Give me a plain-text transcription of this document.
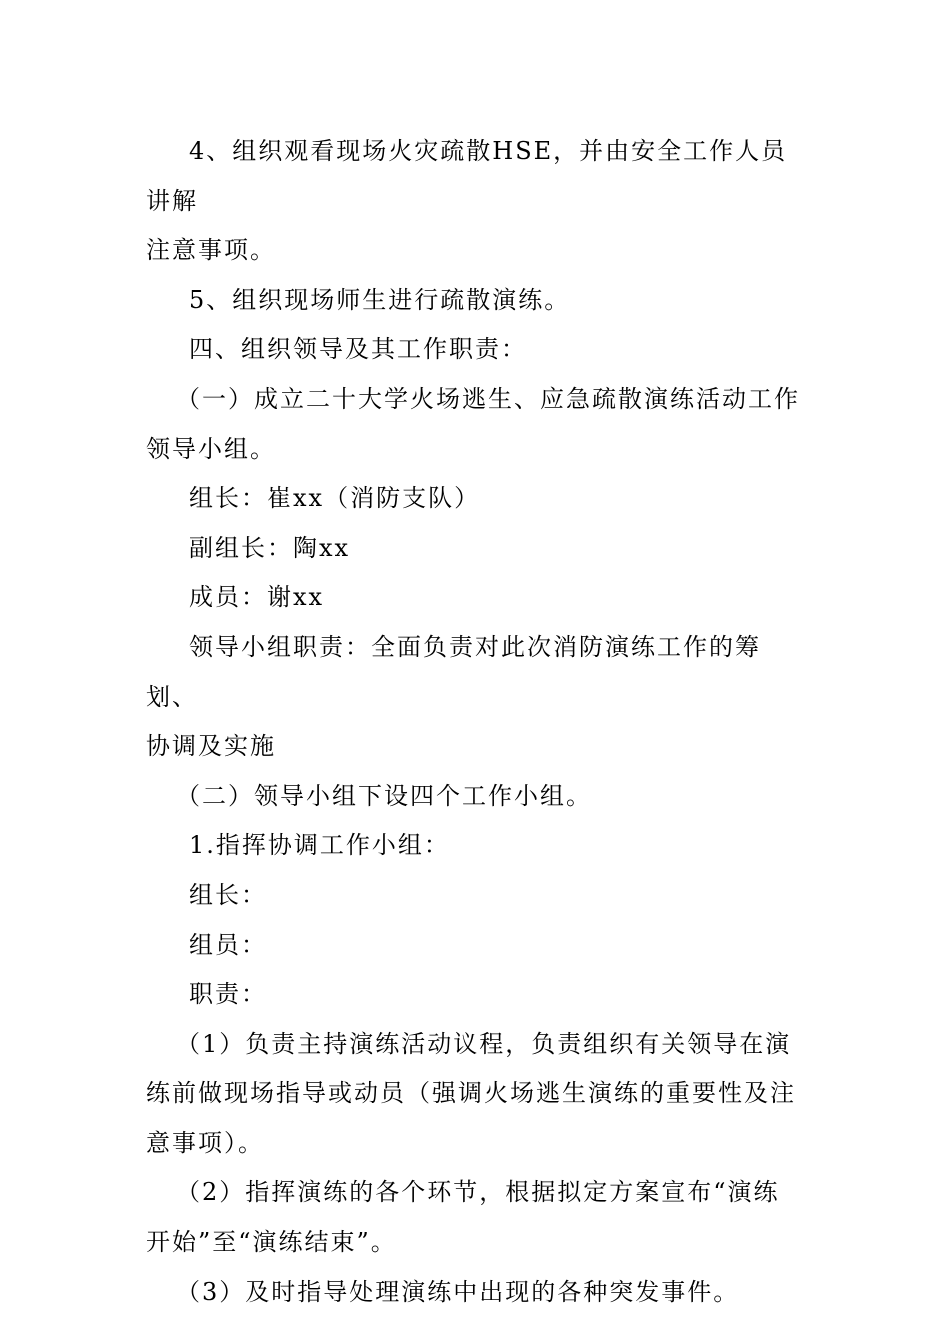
4、组织观看现场火灾疏散HSE，并由安全工作人员讲解
注意事项。

5、组织现场师生进行疏散演练。

四、组织领导及其工作职责：

（一）成立二十大学火场逃生、应急疏散演练活动工作
领导小组。

组长：崔xx（消防支队）

副组长：陶xx

成员：谢xx

领导小组职责：全面负责对此次消防演练工作的筹划、
协调及实施

（二）领导小组下设四个工作小组。

1.指挥协调工作小组：

组长：

组员：

职责：

（1）负责主持演练活动议程，负责组织有关领导在演
练前做现场指导或动员（强调火场逃生演练的重要性及注
意事项）。

（2）指挥演练的各个环节，根据拟定方案宣布“演练
开始”至“演练结束”。

（3）及时指导处理演练中出现的各种突发事件。
